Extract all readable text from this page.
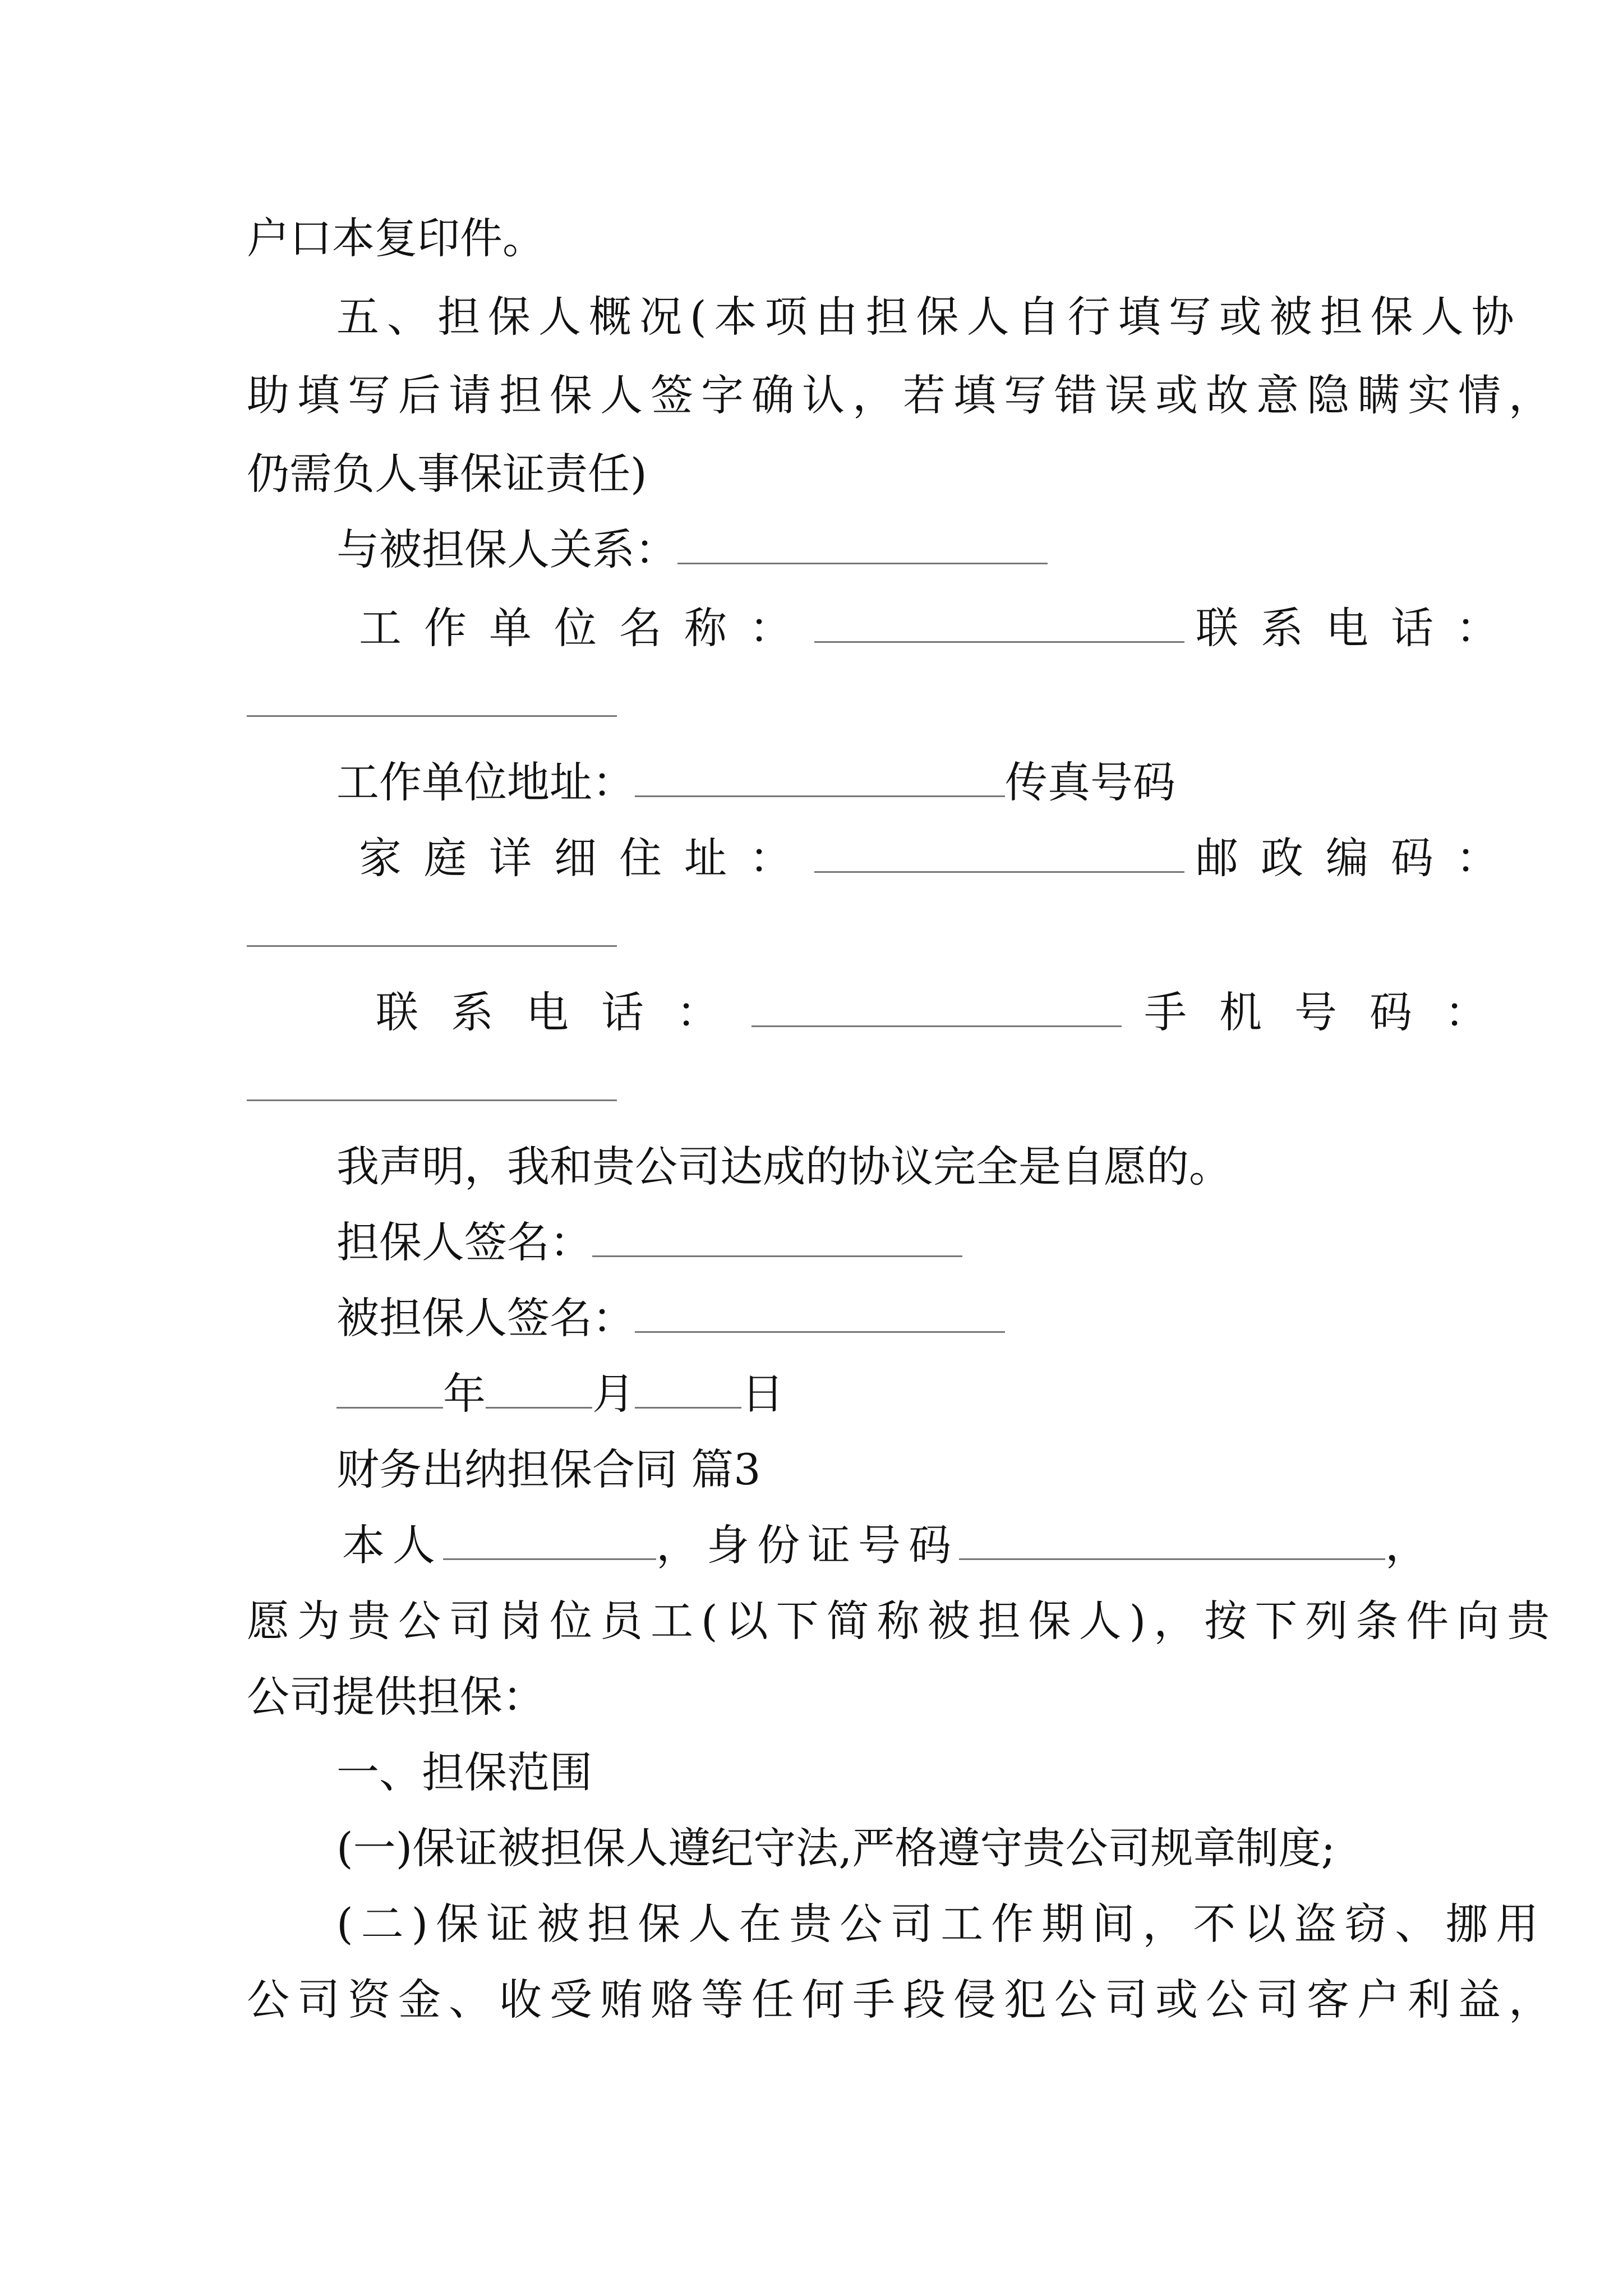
户口本复印件。
五、担保人概况(本项由担保人自行填写或被担保人协
助填写后请担保人签字确认，若填写错误或故意隐瞒实情，
仍需负人事保证责任)
与被担保人关系：
工作单位名称：	联系电话：
工作单位地址：	传真号码
家庭详细住址：	邮政编码：
联系电话：	手机号码：
我声明，我和贵公司达成的协议完全是自愿的。
担保人签名：
被担保人签名：
年	月	日
财务出纳担保合同 篇3
本人	，身份证号码	，
愿为贵公司岗位员工(以下简称被担保人)，按下列条件向贵
公司提供担保：
一、担保范围
(一)保证被担保人遵纪守法,严格遵守贵公司规章制度;
(二)保证被担保人在贵公司工作期间，不以盗窃、挪用
公司资金、收受贿赂等任何手段侵犯公司或公司客户利益，
